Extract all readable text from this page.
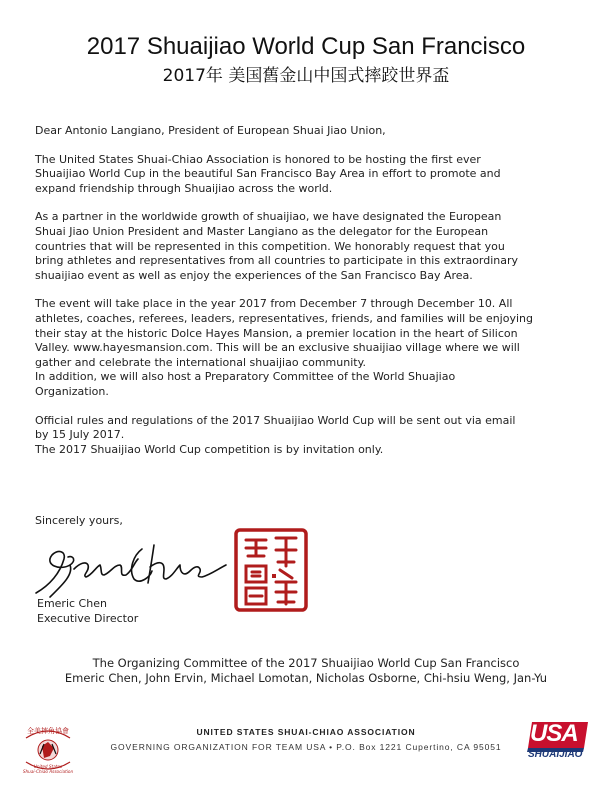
2017 Shuaijiao World Cup San Francisco
2017年 美国舊金山中国式摔跤世界盃

Dear Antonio Langiano, President of European Shuai Jiao Union,

The United States Shuai-Chiao Association is honored to be hosting the first ever
Shuaijiao World Cup in the beautiful San Francisco Bay Area in effort to promote and
expand friendship through Shuaijiao across the world.

As a partner in the worldwide growth of shuaijiao, we have designated the European
Shuai Jiao Union President and Master Langiano as the delegator for the European
countries that will be represented in this competition. We honorably request that you
bring athletes and representatives from all countries to participate in this extraordinary
shuaijiao event as well as enjoy the experiences of the San Francisco Bay Area.

The event will take place in the year 2017 from December 7 through December 10. All
athletes, coaches, referees, leaders, representatives, friends, and families will be enjoying
their stay at the historic Dolce Hayes Mansion, a premier location in the heart of Silicon
Valley. www.hayesmansion.com. This will be an exclusive shuaijiao village where we will
gather and celebrate the international shuaijiao community.
In addition, we will also host a Preparatory Committee of the World Shuajiao
Organization.

Official rules and regulations of the 2017 Shuaijiao World Cup will be sent out via email
by 15 July 2017.
The 2017 Shuaijiao World Cup competition is by invitation only.

Sincerely yours,
Emeric Chen
Executive Director
The Organizing Committee of the 2017 Shuaijiao World Cup San Francisco
Emeric Chen, John Ervin, Michael Lomotan, Nicholas Osborne, Chi-hsiu Weng, Jan-Yu
全美摔角協會
United States
Shuai-Chiao Association
UNITED STATES SHUAI-CHIAO ASSOCIATION
GOVERNING ORGANIZATION FOR TEAM USA • P.O. Box 1221 Cupertino, CA 95051	USA
SHUAIJIAO
